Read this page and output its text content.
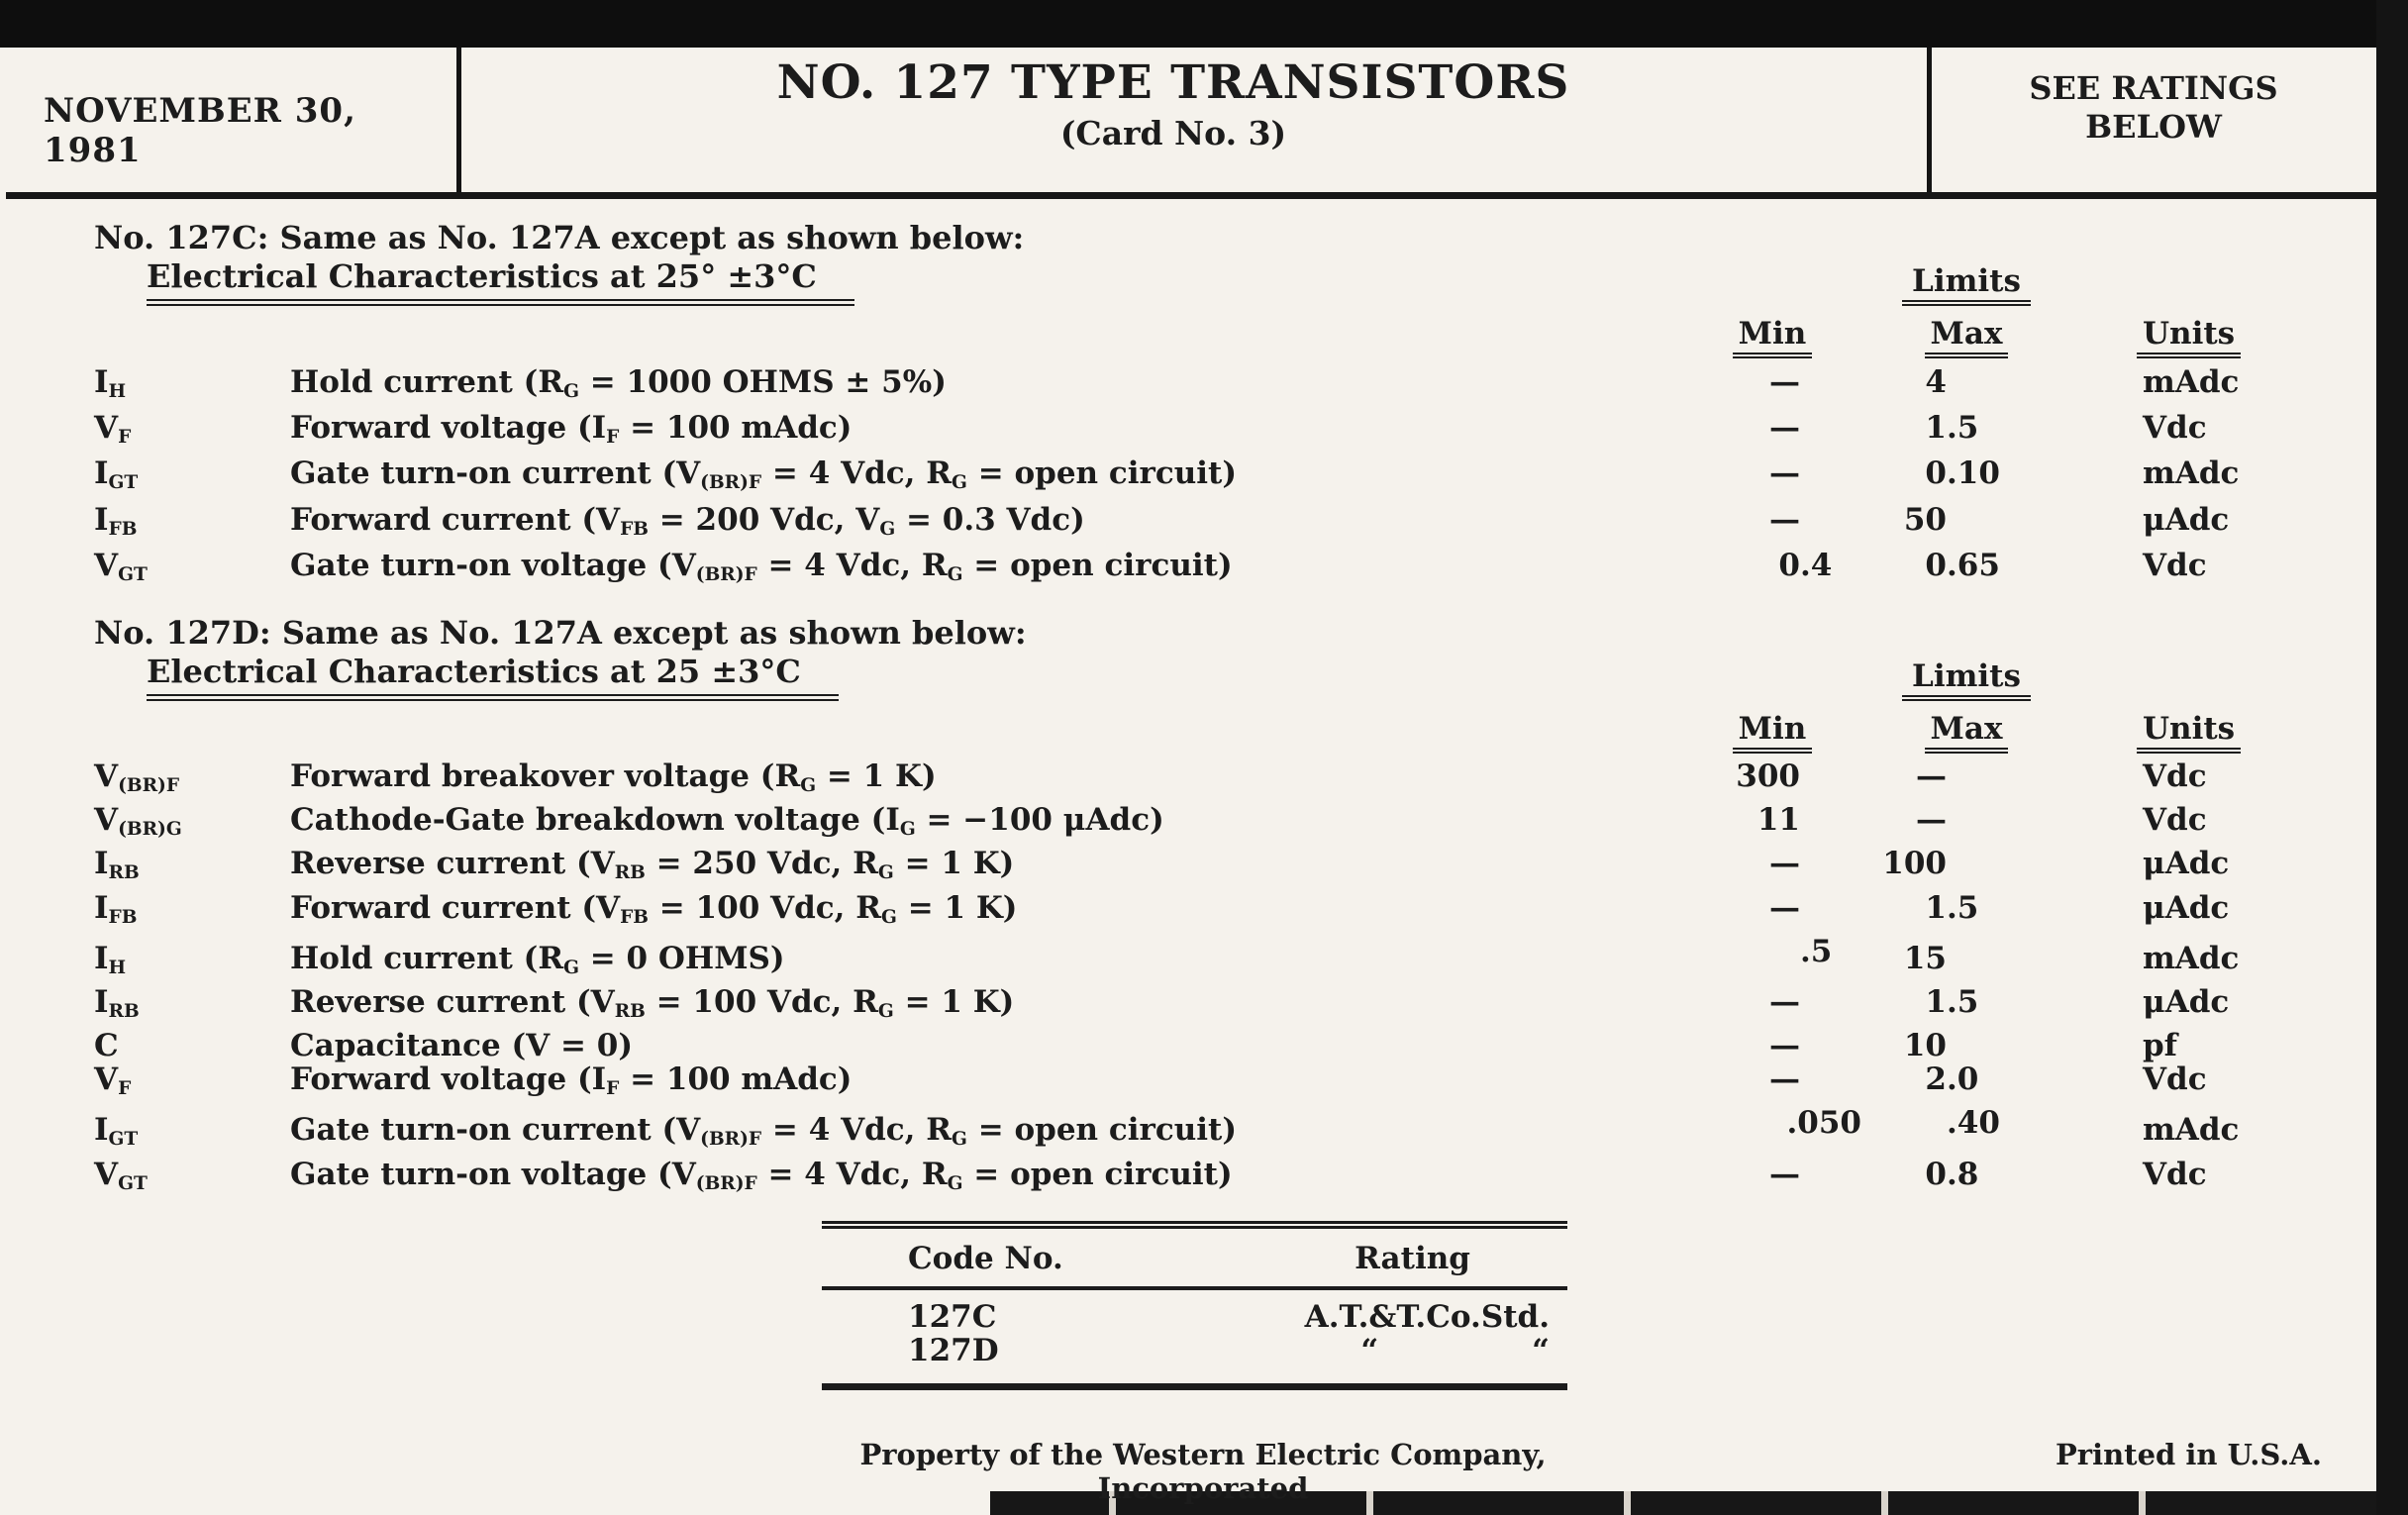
NOVEMBER 30, 1981
NO. 127 TYPE TRANSISTORS
(Card No. 3)
SEE RATINGS
BELOW
No. 127C: Same as No. 127A except as shown below:
Electrical Characteristics at 25° ±3°C	Limits
Min	Max	Units
$I_H$	Hold current ($R_G = 1000$ OHMS ± 5%)	—	4	mAdc
$V_F$	Forward voltage ($I_F = 100$ mAdc)	—	1 .5	Vdc
$I_{GT}$	Gate turn-on current ($V_{(BR)F} = 4$ Vdc, $R_G$ = open circuit)	—	0 .10	mAdc
$I_{FB}$	Forward current ($V_{FB} = 200$ Vdc, $V_G = 0.3$ Vdc)	—	50	μAdc
$V_{GT}$	Gate turn-on voltage ($V_{(BR)F} = 4$ Vdc, $R_G$ = open circuit)	0 .4	0 .65	Vdc
No. 127D: Same as No. 127A except as shown below:
Electrical Characteristics at 25 ±3°C	Limits
Min	Max	Units
$V_{(BR)F}$	Forward breakover voltage ($R_G = 1$ K)	300	—	Vdc
$V_{(BR)G}$	Cathode-Gate breakdown voltage ($I_G = -100$ μAdc)	11	—	Vdc
$I_{RB}$	Reverse current ($V_{RB} = 250$ Vdc, $R_G = 1$ K)	—	100	μAdc
$I_{FB}$	Forward current ($V_{FB} = 100$ Vdc, $R_G = 1$ K)	—	1 .5	μAdc
$I_H$	Hold current ($R_G = 0$ OHMS)	.5	15	mAdc
$I_{RB}$	Reverse current ($V_{RB} = 100$ Vdc, $R_G = 1$ K)	—	1 .5	μAdc
C	Capacitance (V = 0)	—	10	pf
$V_F$	Forward voltage ($I_F = 100$ mAdc)	—	2 .0	Vdc
$I_{GT}$	Gate turn-on current ($V_{(BR)F} = 4$ Vdc, $R_G$ = open circuit)	.050	.40	mAdc
$V_{GT}$	Gate turn-on voltage ($V_{(BR)F} = 4$ Vdc, $R_G$ = open circuit)	—	0 .8	Vdc
Code No.	Rating
127C	A.T.&T.Co.Std.
127D	“     “
Property of the Western Electric Company, Incorporated
Printed in U.S.A.
